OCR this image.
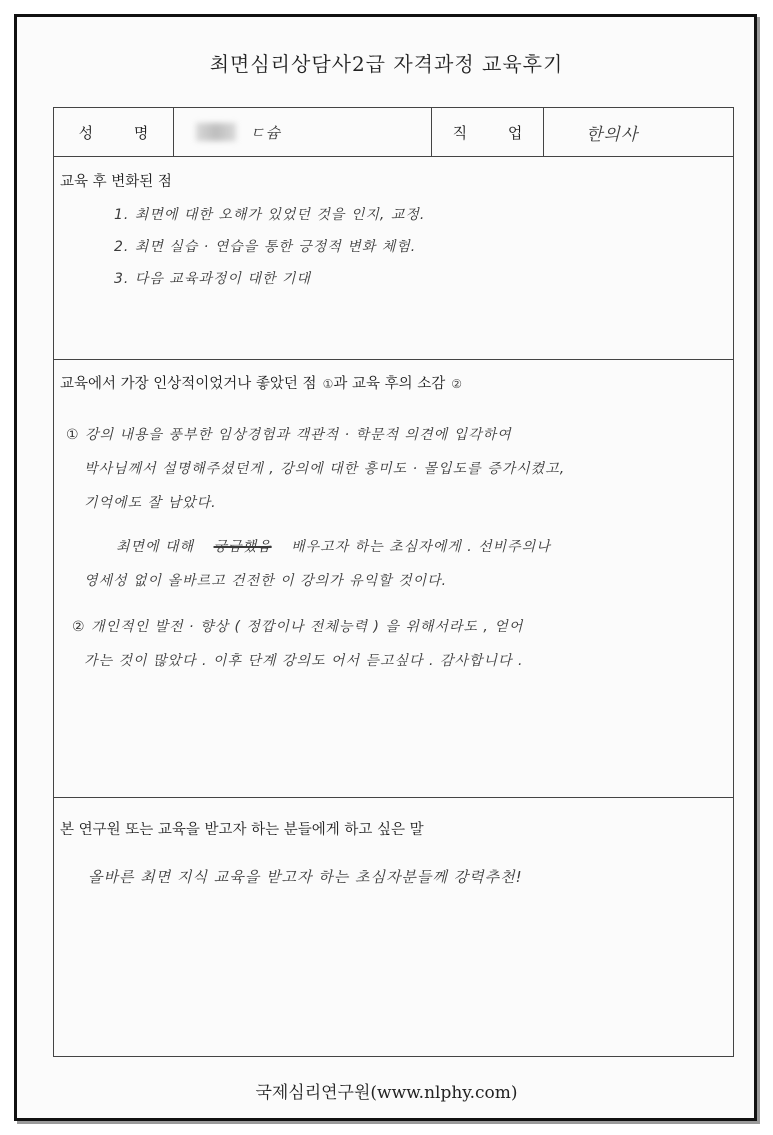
최면심리상담사2급 자격과정 교육후기
성 명	ㄷ슘	직 업	한의사
교육 후 변화된 점
1. 최면에 대한 오해가 있었던 것을 인지, 교정.
2. 최면 실습 · 연습을 통한 긍정적 변화 체험.
3. 다음 교육과정이 대한 기대
교육에서 가장 인상적이었거나 좋았던 점 ①과 교육 후의 소감 ②
① 강의 내용을 풍부한 임상경험과 객관적 · 학문적 의견에 입각하여
박사님께서 설명해주셨던게 , 강의에 대한 흥미도 · 몰입도를 증가시켰고,
기억에도 잘 남았다.
최면에 대해 궁금했음 배우고자 하는 초심자에게 . 선비주의나
영세성 없이 올바르고 건전한 이 강의가 유익할 것이다.
② 개인적인 발전 · 향상 ( 정깝이나 전체능력 ) 을 위해서라도 , 얻어
가는 것이 많았다 . 이후 단계 강의도 어서 듣고싶다 . 감사합니다 .
본 연구원 또는 교육을 받고자 하는 분들에게 하고 싶은 말
올바른 최면 지식 교육을 받고자 하는 초심자분들께 강력추천!
국제심리연구원(www.nlphy.com)
